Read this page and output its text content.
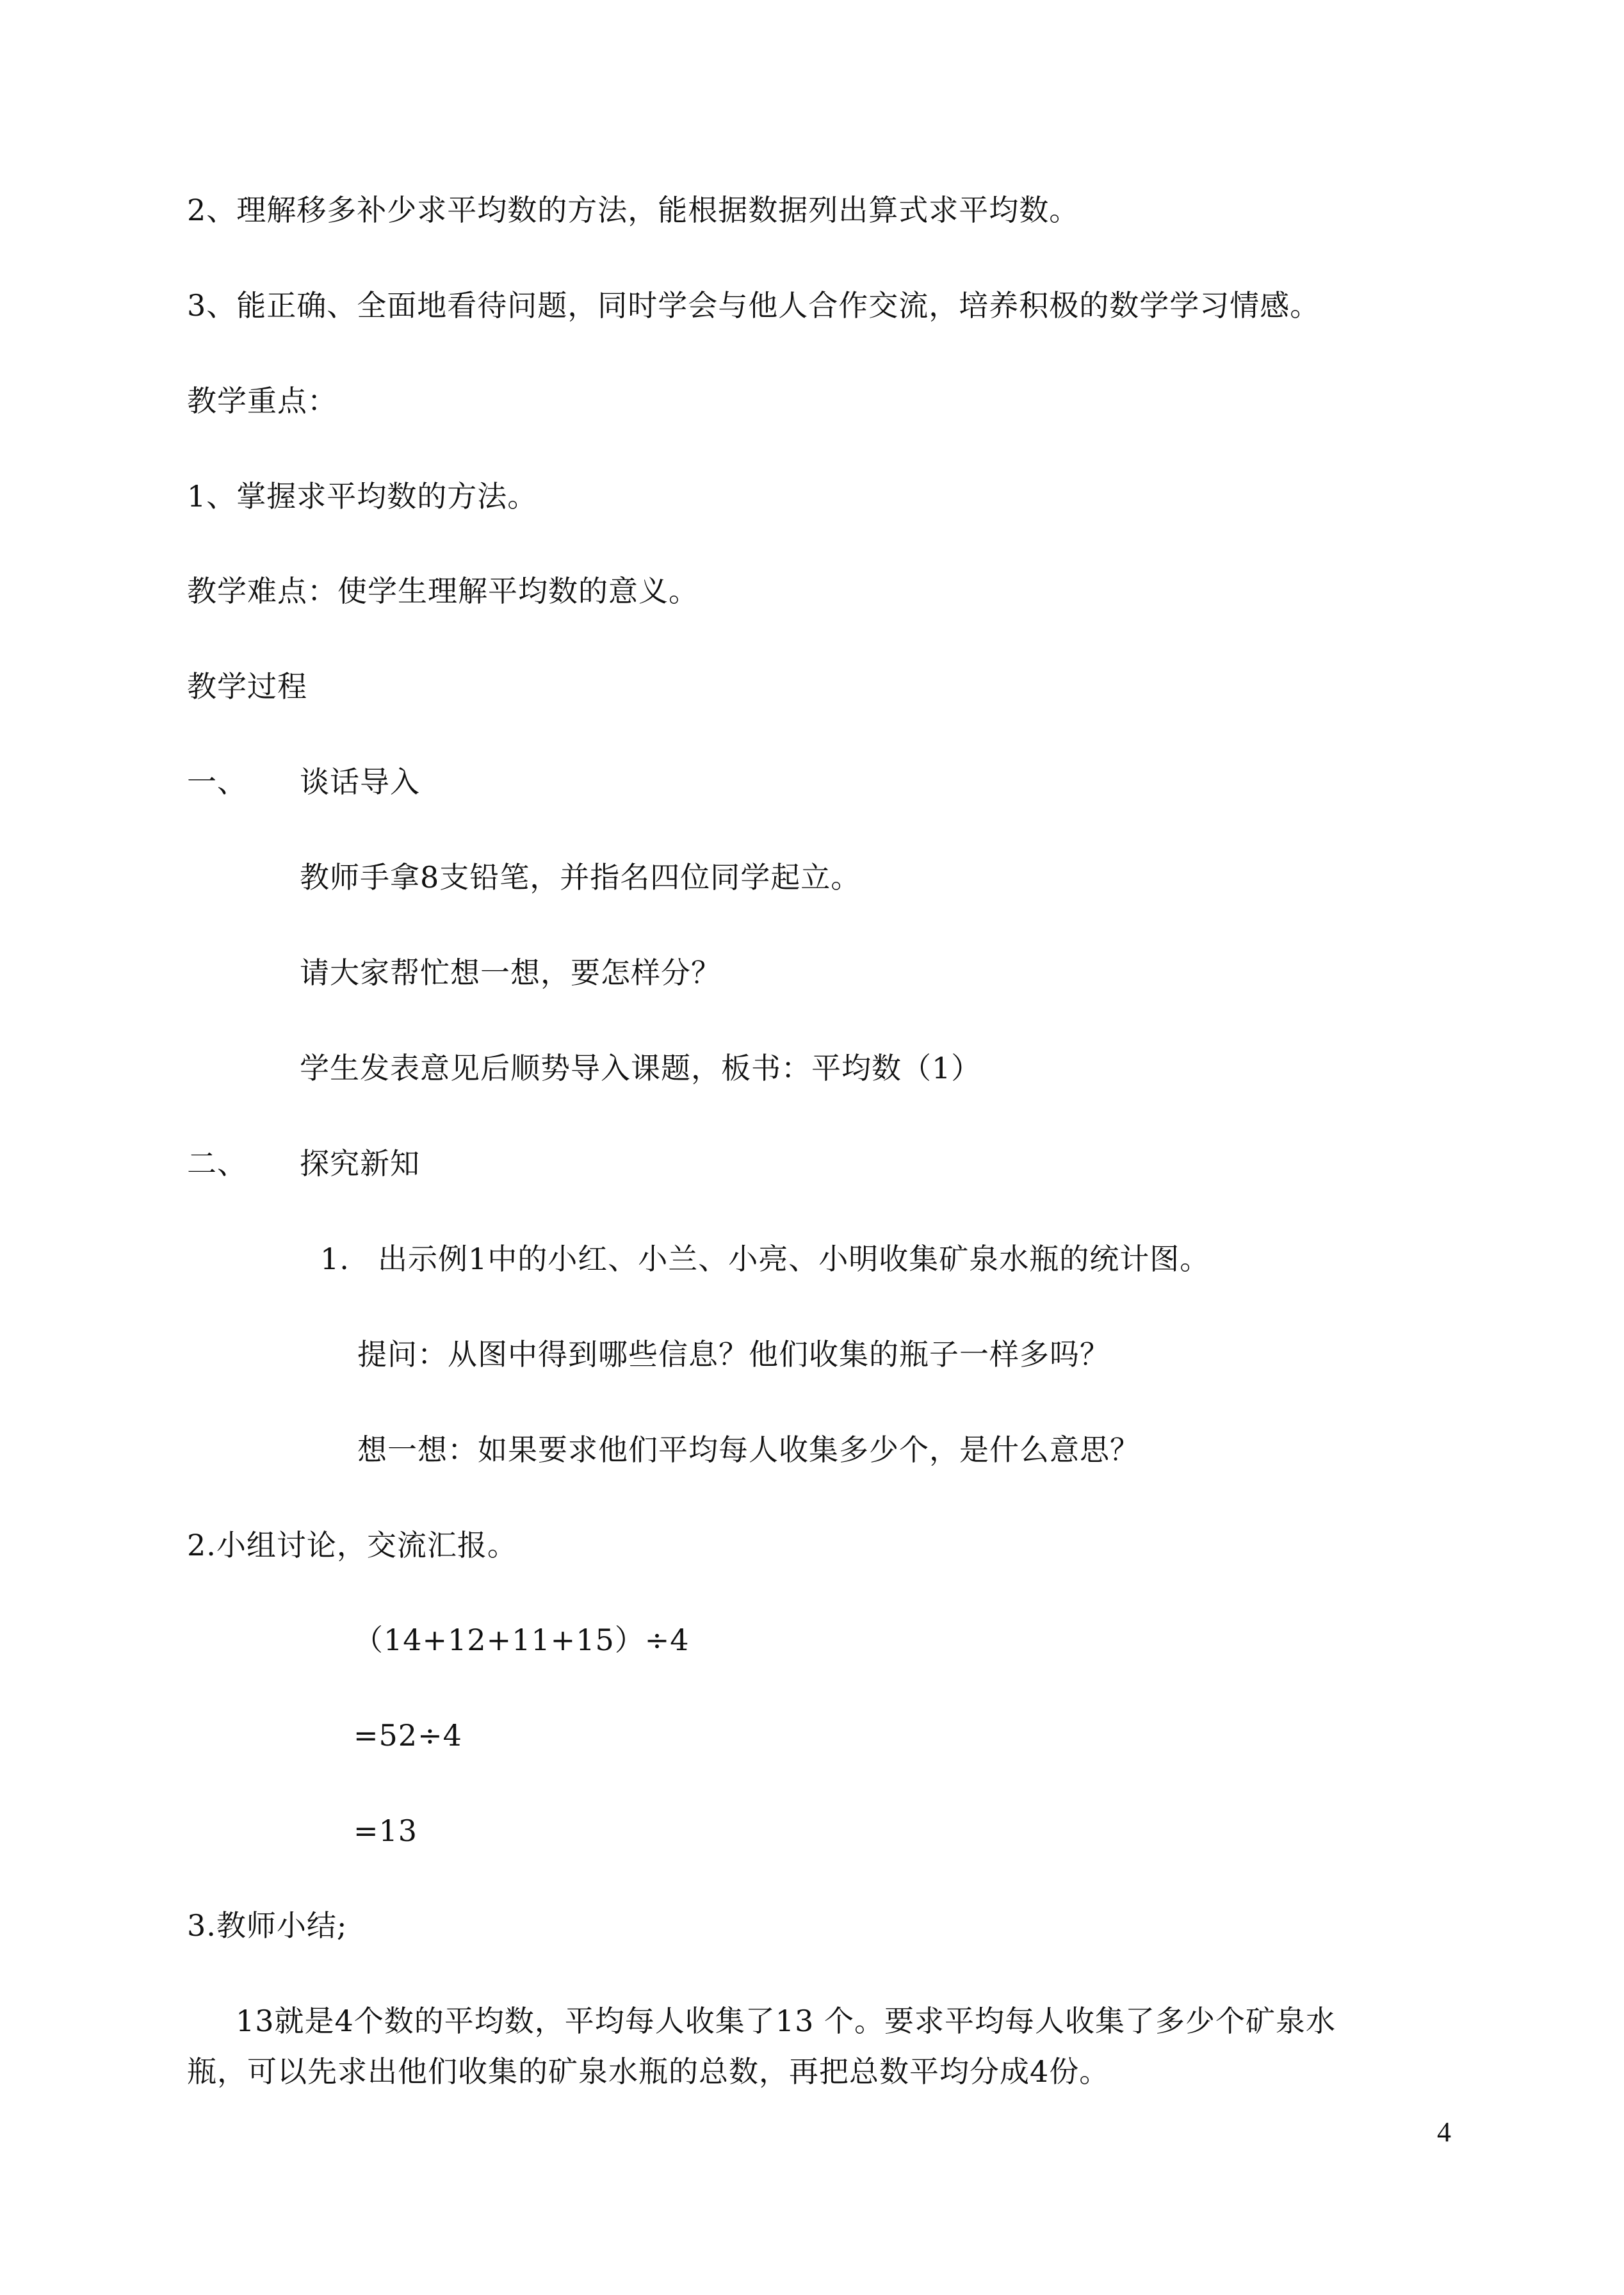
2、理解移多补少求平均数的方法，能根据数据列出算式求平均数。
3、能正确、全面地看待问题，同时学会与他人合作交流，培养积极的数学学习情感。
教学重点：
1、掌握求平均数的方法。
教学难点：使学生理解平均数的意义。
教学过程
一、 谈话导入
教师手拿8支铅笔，并指名四位同学起立。
请大家帮忙想一想，要怎样分？
学生发表意见后顺势导入课题，板书：平均数（1）
二、 探究新知
1. 出示例1中的小红、小兰、小亮、小明收集矿泉水瓶的统计图。
提问：从图中得到哪些信息？他们收集的瓶子一样多吗？
想一想：如果要求他们平均每人收集多少个，是什么意思？
2.小组讨论，交流汇报。
（14+12+11+15）÷4
=52÷4
=13
3.教师小结;
13就是4个数的平均数，平均每人收集了13 个。要求平均每人收集了多少个矿泉水
瓶，可以先求出他们收集的矿泉水瓶的总数，再把总数平均分成4份。
4
